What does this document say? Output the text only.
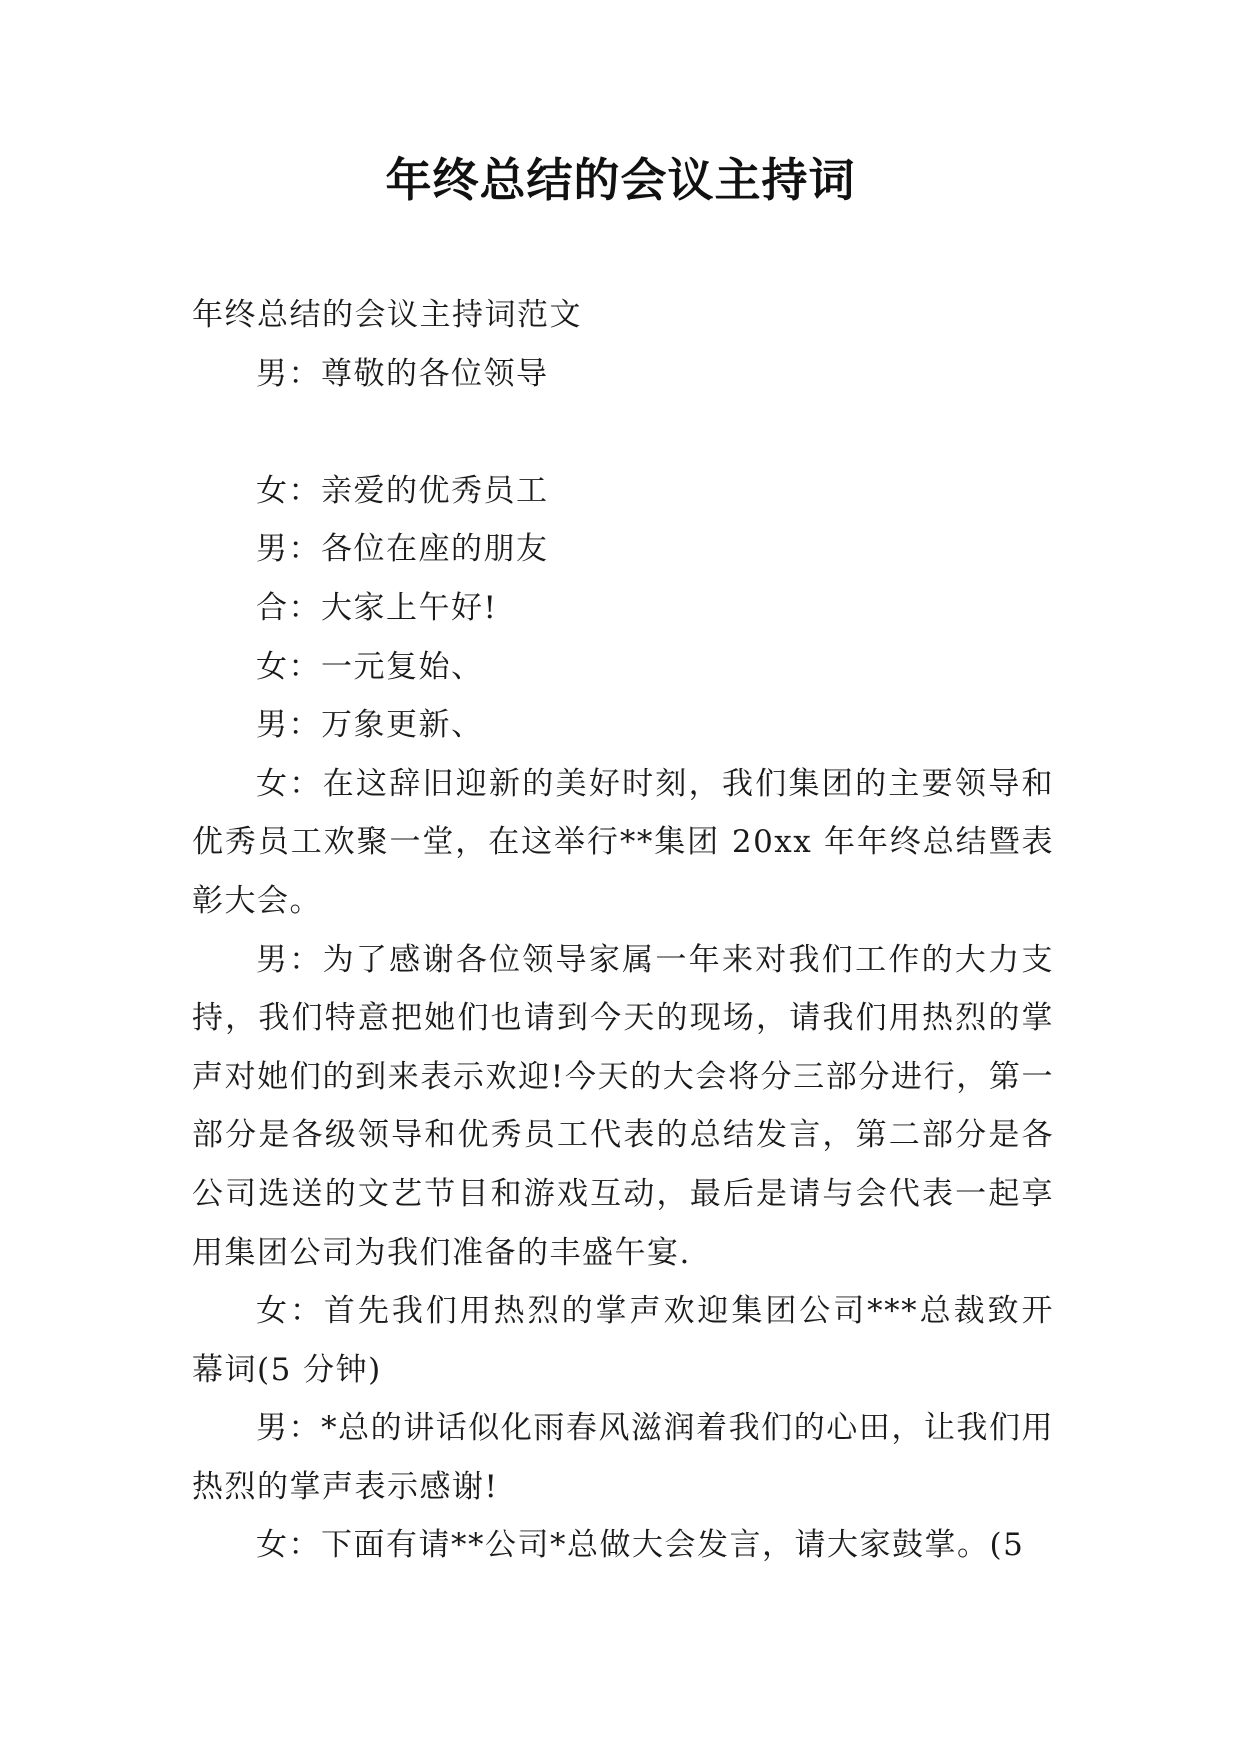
年终总结的会议主持词

年终总结的会议主持词范文

男：尊敬的各位领导

女：亲爱的优秀员工

男：各位在座的朋友

合：大家上午好!

女：一元复始、

男：万象更新、

女：在这辞旧迎新的美好时刻，我们集团的主要领导和优秀员工欢聚一堂，在这举行**集团 20xx 年年终总结暨表彰大会。

男：为了感谢各位领导家属一年来对我们工作的大力支持，我们特意把她们也请到今天的现场，请我们用热烈的掌声对她们的到来表示欢迎!今天的大会将分三部分进行，第一部分是各级领导和优秀员工代表的总结发言，第二部分是各公司选送的文艺节目和游戏互动，最后是请与会代表一起享用集团公司为我们准备的丰盛午宴.

女：首先我们用热烈的掌声欢迎集团公司***总裁致开幕词(5 分钟)

男：*总的讲话似化雨春风滋润着我们的心田，让我们用热烈的掌声表示感谢!

女：下面有请**公司*总做大会发言，请大家鼓掌。(5
